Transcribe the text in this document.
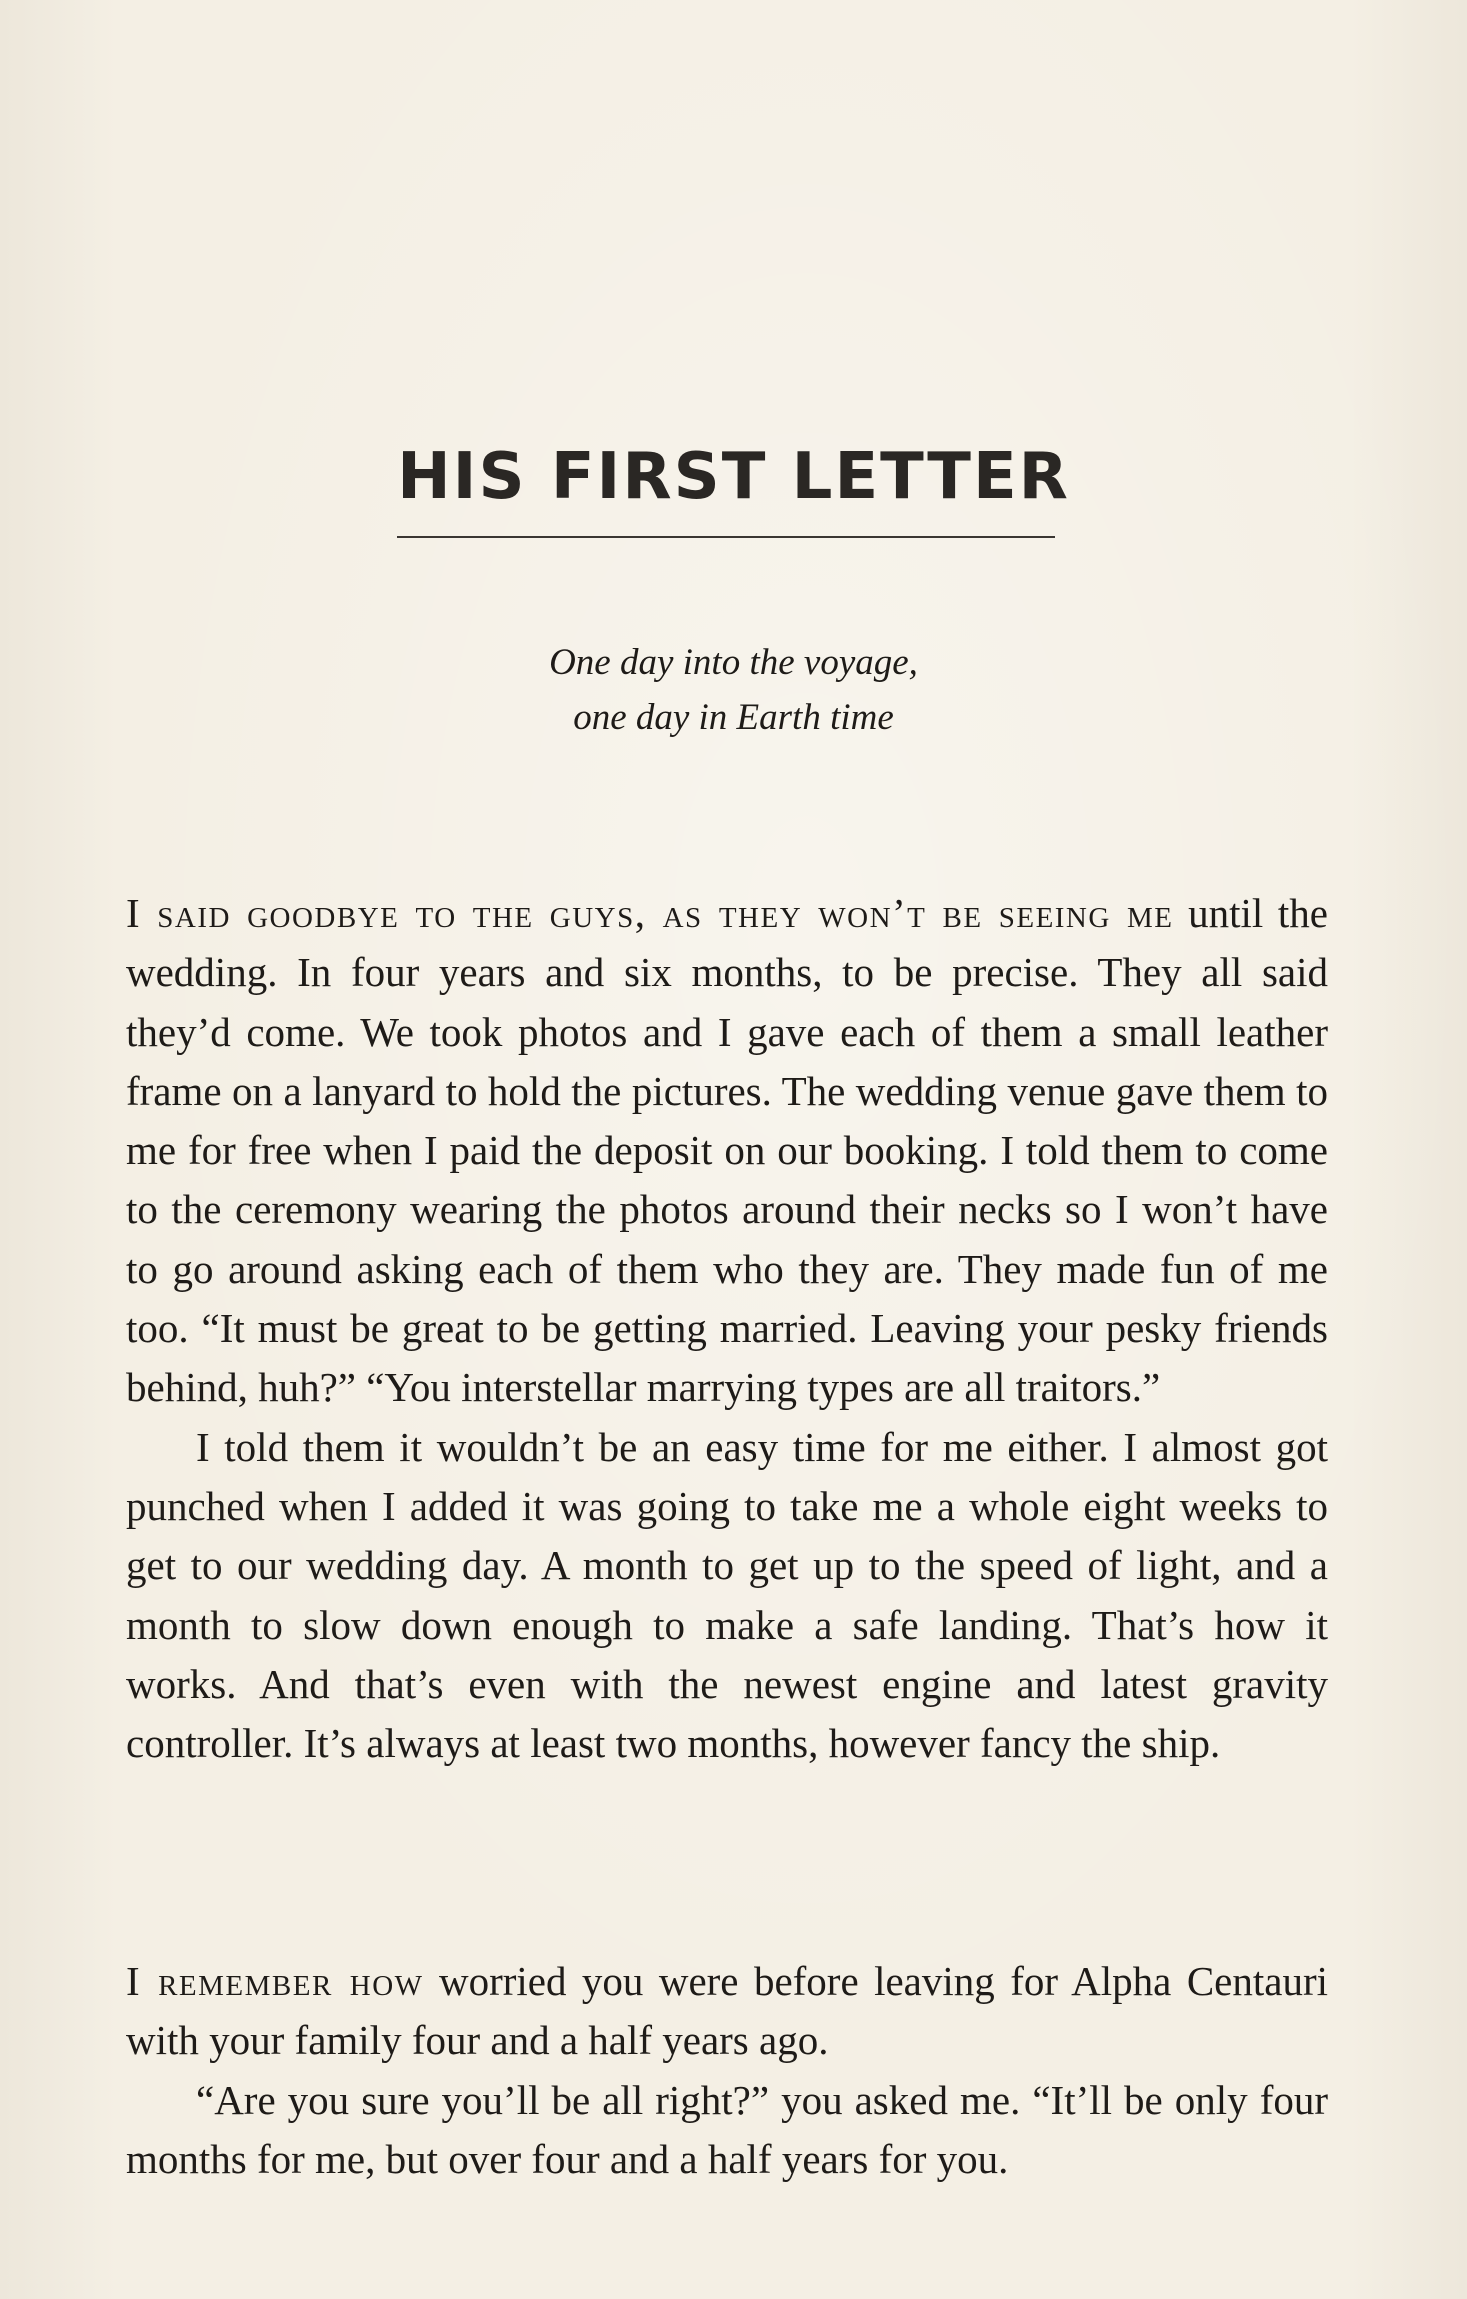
HIS FIRST LETTER
One day into the voyage,
one day in Earth time

I said goodbye to the guys, as they won’t be seeing me until the wedding. In four years and six months, to be precise. They all said they’d come. We took photos and I gave each of them a small leather frame on a lanyard to hold the pictures. The wedding venue gave them to me for free when I paid the deposit on our booking. I told them to come to the ceremony wearing the photos around their necks so I won’t have to go around asking each of them who they are. They made fun of me too. “It must be great to be getting married. Leaving your pesky friends behind, huh?” “You interstellar marrying types are all traitors.”

I told them it wouldn’t be an easy time for me either. I almost got punched when I added it was going to take me a whole eight weeks to get to our wedding day. A month to get up to the speed of light, and a month to slow down enough to make a safe landing. That’s how it works. And that’s even with the newest engine and latest gravity controller. It’s always at least two months, however fancy the ship.

I remember how worried you were before leaving for Alpha Centauri with your family four and a half years ago.

“Are you sure you’ll be all right?” you asked me. “It’ll be only four months for me, but over four and a half years for you.
